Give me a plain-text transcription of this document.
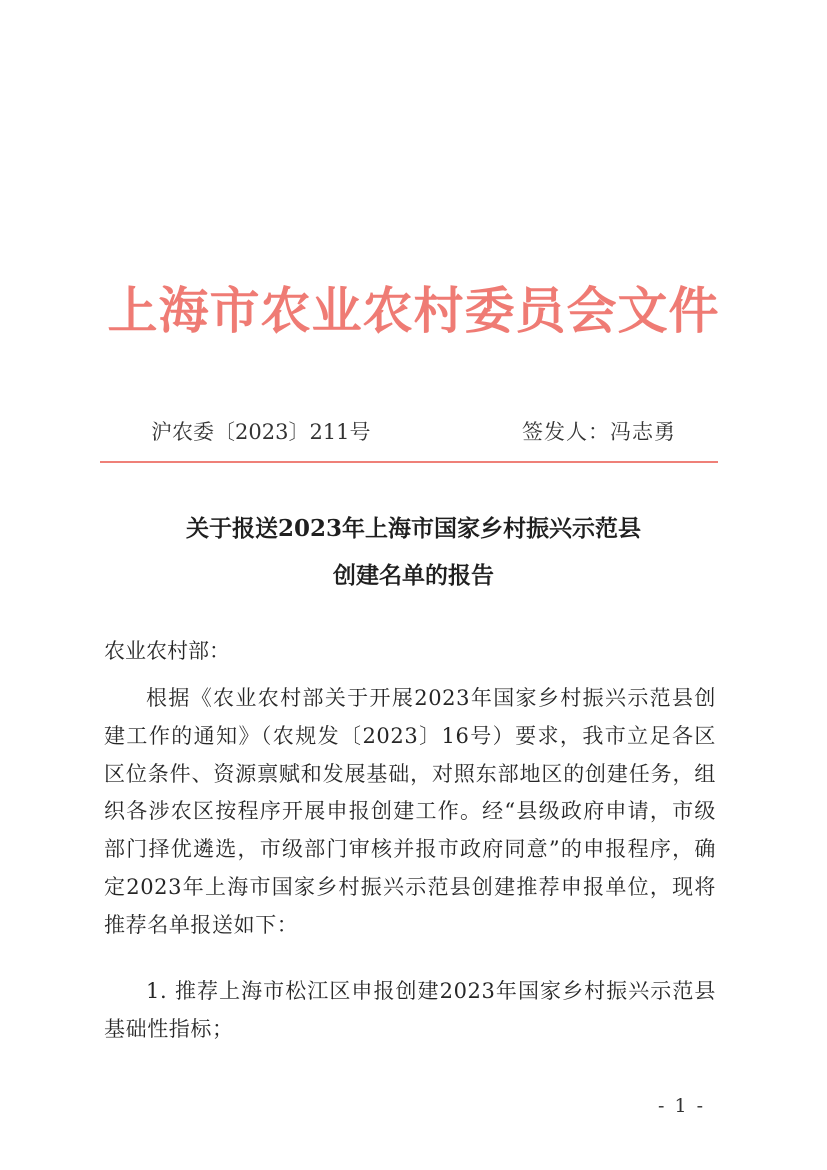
上海市农业农村委员会文件
沪农委〔2023〕211号	签发人：冯志勇
关于报送2023年上海市国家乡村振兴示范县
创建名单的报告
农业农村部：
根据《农业农村部关于开展2023年国家乡村振兴示范县创建工作的通知》（农规发〔2023〕16号）要求，我市立足各区区位条件、资源禀赋和发展基础，对照东部地区的创建任务，组织各涉农区按程序开展申报创建工作。经“县级政府申请，市级部门择优遴选，市级部门审核并报市政府同意”的申报程序，确定2023年上海市国家乡村振兴示范县创建推荐申报单位，现将推荐名单报送如下：
1. 推荐上海市松江区申报创建2023年国家乡村振兴示范县基础性指标；
- 1 -
